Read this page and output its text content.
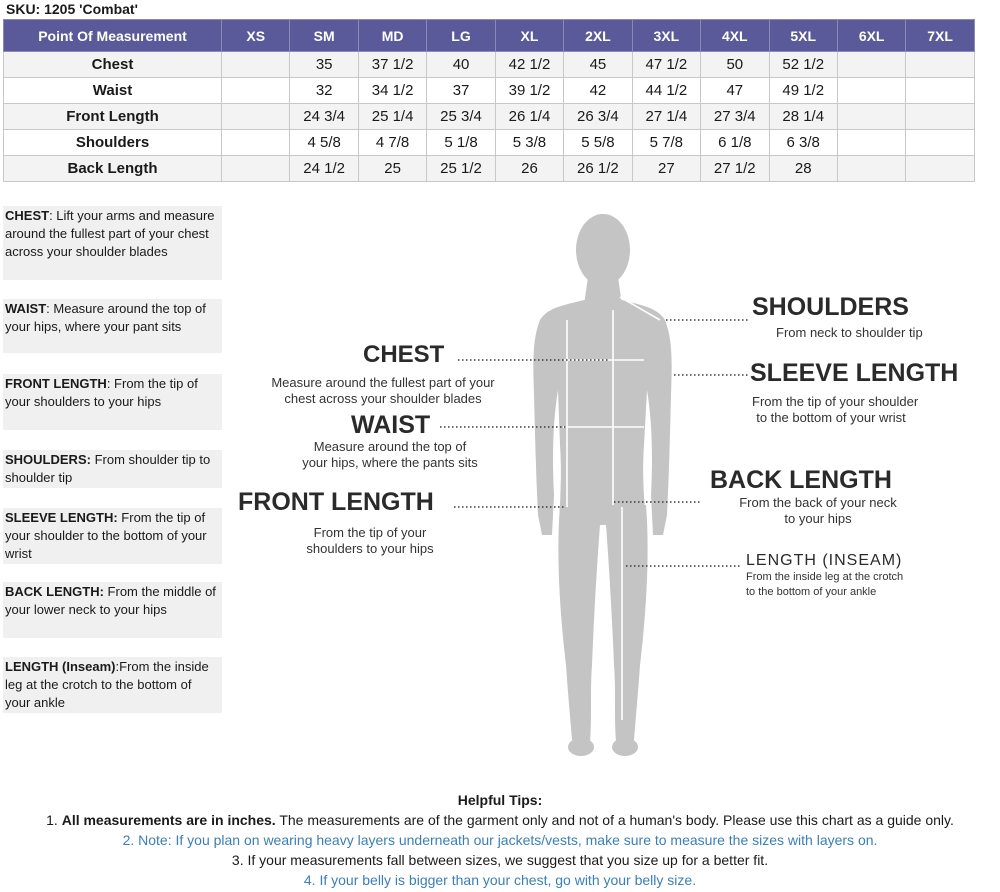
SKU: 1205 'Combat'
Point Of Measurement	XS	SM	MD	LG	XL	2XL	3XL	4XL	5XL	6XL	7XL
Chest		35	37 1/2	40	42 1/2	45	47 1/2	50	52 1/2		
Waist		32	34 1/2	37	39 1/2	42	44 1/2	47	49 1/2		
Front Length		24 3/4	25 1/4	25 3/4	26 1/4	26 3/4	27 1/4	27 3/4	28 1/4		
Shoulders		4 5/8	4 7/8	5 1/8	5 3/8	5 5/8	5 7/8	6 1/8	6 3/8		
Back Length		24 1/2	25	25 1/2	26	26 1/2	27	27 1/2	28		
CHEST: Lift your arms and measure around the fullest part of your chest across your shoulder blades
WAIST: Measure around the top of your hips, where your pant sits
FRONT LENGTH: From the tip of your shoulders to your hips
SHOULDERS: From shoulder tip to shoulder tip
SLEEVE LENGTH: From the tip of your shoulder to the bottom of your wrist
BACK LENGTH: From the middle of your lower neck to your hips
LENGTH (Inseam):From the inside leg at the crotch to the bottom of your ankle
SHOULDERS
From neck to shoulder tip
CHEST
Measure around the fullest part of your
chest across your shoulder blades
SLEEVE LENGTH
From the tip of your shoulder
to the bottom of your wrist
WAIST
Measure around the top of
your hips, where the pants sits
BACK LENGTH
From the back of your neck
to your hips
FRONT LENGTH
From the tip of your
shoulders to your hips
LENGTH (INSEAM)
From the inside leg at the crotch
to the bottom of your ankle
Helpful Tips:
1. All measurements are in inches. The measurements are of the garment only and not of a human's body. Please use this chart as a guide only.
2. Note: If you plan on wearing heavy layers underneath our jackets/vests, make sure to measure the sizes with layers on.
3. If your measurements fall between sizes, we suggest that you size up for a better fit.
4. If your belly is bigger than your chest, go with your belly size.
